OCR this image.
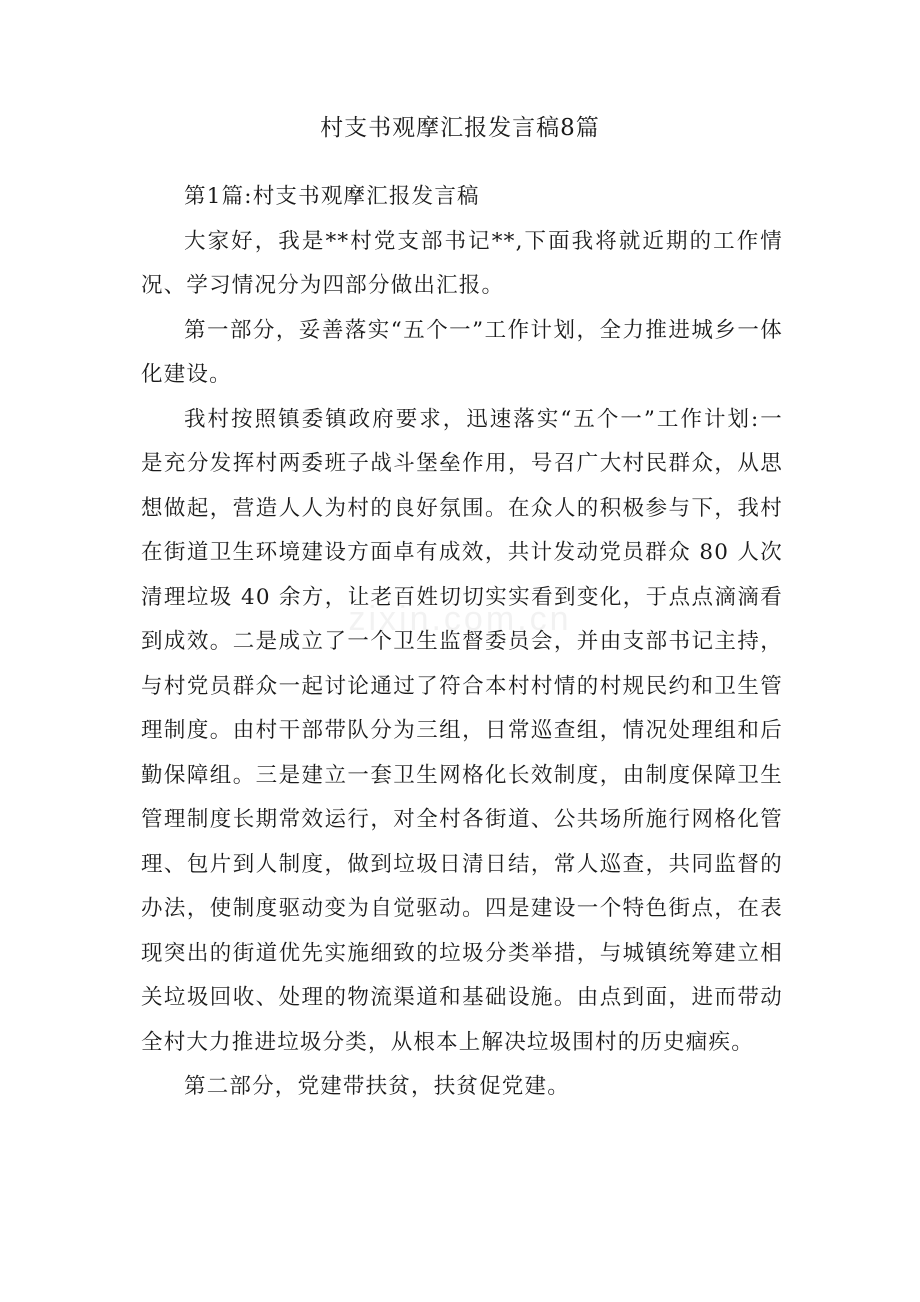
村支书观摩汇报发言稿8篇

第1篇:村支书观摩汇报发言稿

大家好，我是**村党支部书记**,下面我将就近期的工作情况、学习情况分为四部分做出汇报。

第一部分，妥善落实“五个一”工作计划，全力推进城乡一体化建设。

我村按照镇委镇政府要求，迅速落实“五个一”工作计划:一是充分发挥村两委班子战斗堡垒作用，号召广大村民群众，从思想做起，营造人人为村的良好氛围。在众人的积极参与下，我村在街道卫生环境建设方面卓有成效，共计发动党员群众 80 人次清理垃圾 40 余方，让老百姓切切实实看到变化，于点点滴滴看到成效。二是成立了一个卫生监督委员会，并由支部书记主持，与村党员群众一起讨论通过了符合本村村情的村规民约和卫生管理制度。由村干部带队分为三组，日常巡查组，情况处理组和后勤保障组。三是建立一套卫生网格化长效制度，由制度保障卫生管理制度长期常效运行，对全村各街道、公共场所施行网格化管理、包片到人制度，做到垃圾日清日结，常人巡查，共同监督的办法，使制度驱动变为自觉驱动。四是建设一个特色街点，在表现突出的街道优先实施细致的垃圾分类举措，与城镇统筹建立相关垃圾回收、处理的物流渠道和基础设施。由点到面，进而带动全村大力推进垃圾分类，从根本上解决垃圾围村的历史痼疾。

第二部分，党建带扶贫，扶贫促党建。

zixin.com.cn
